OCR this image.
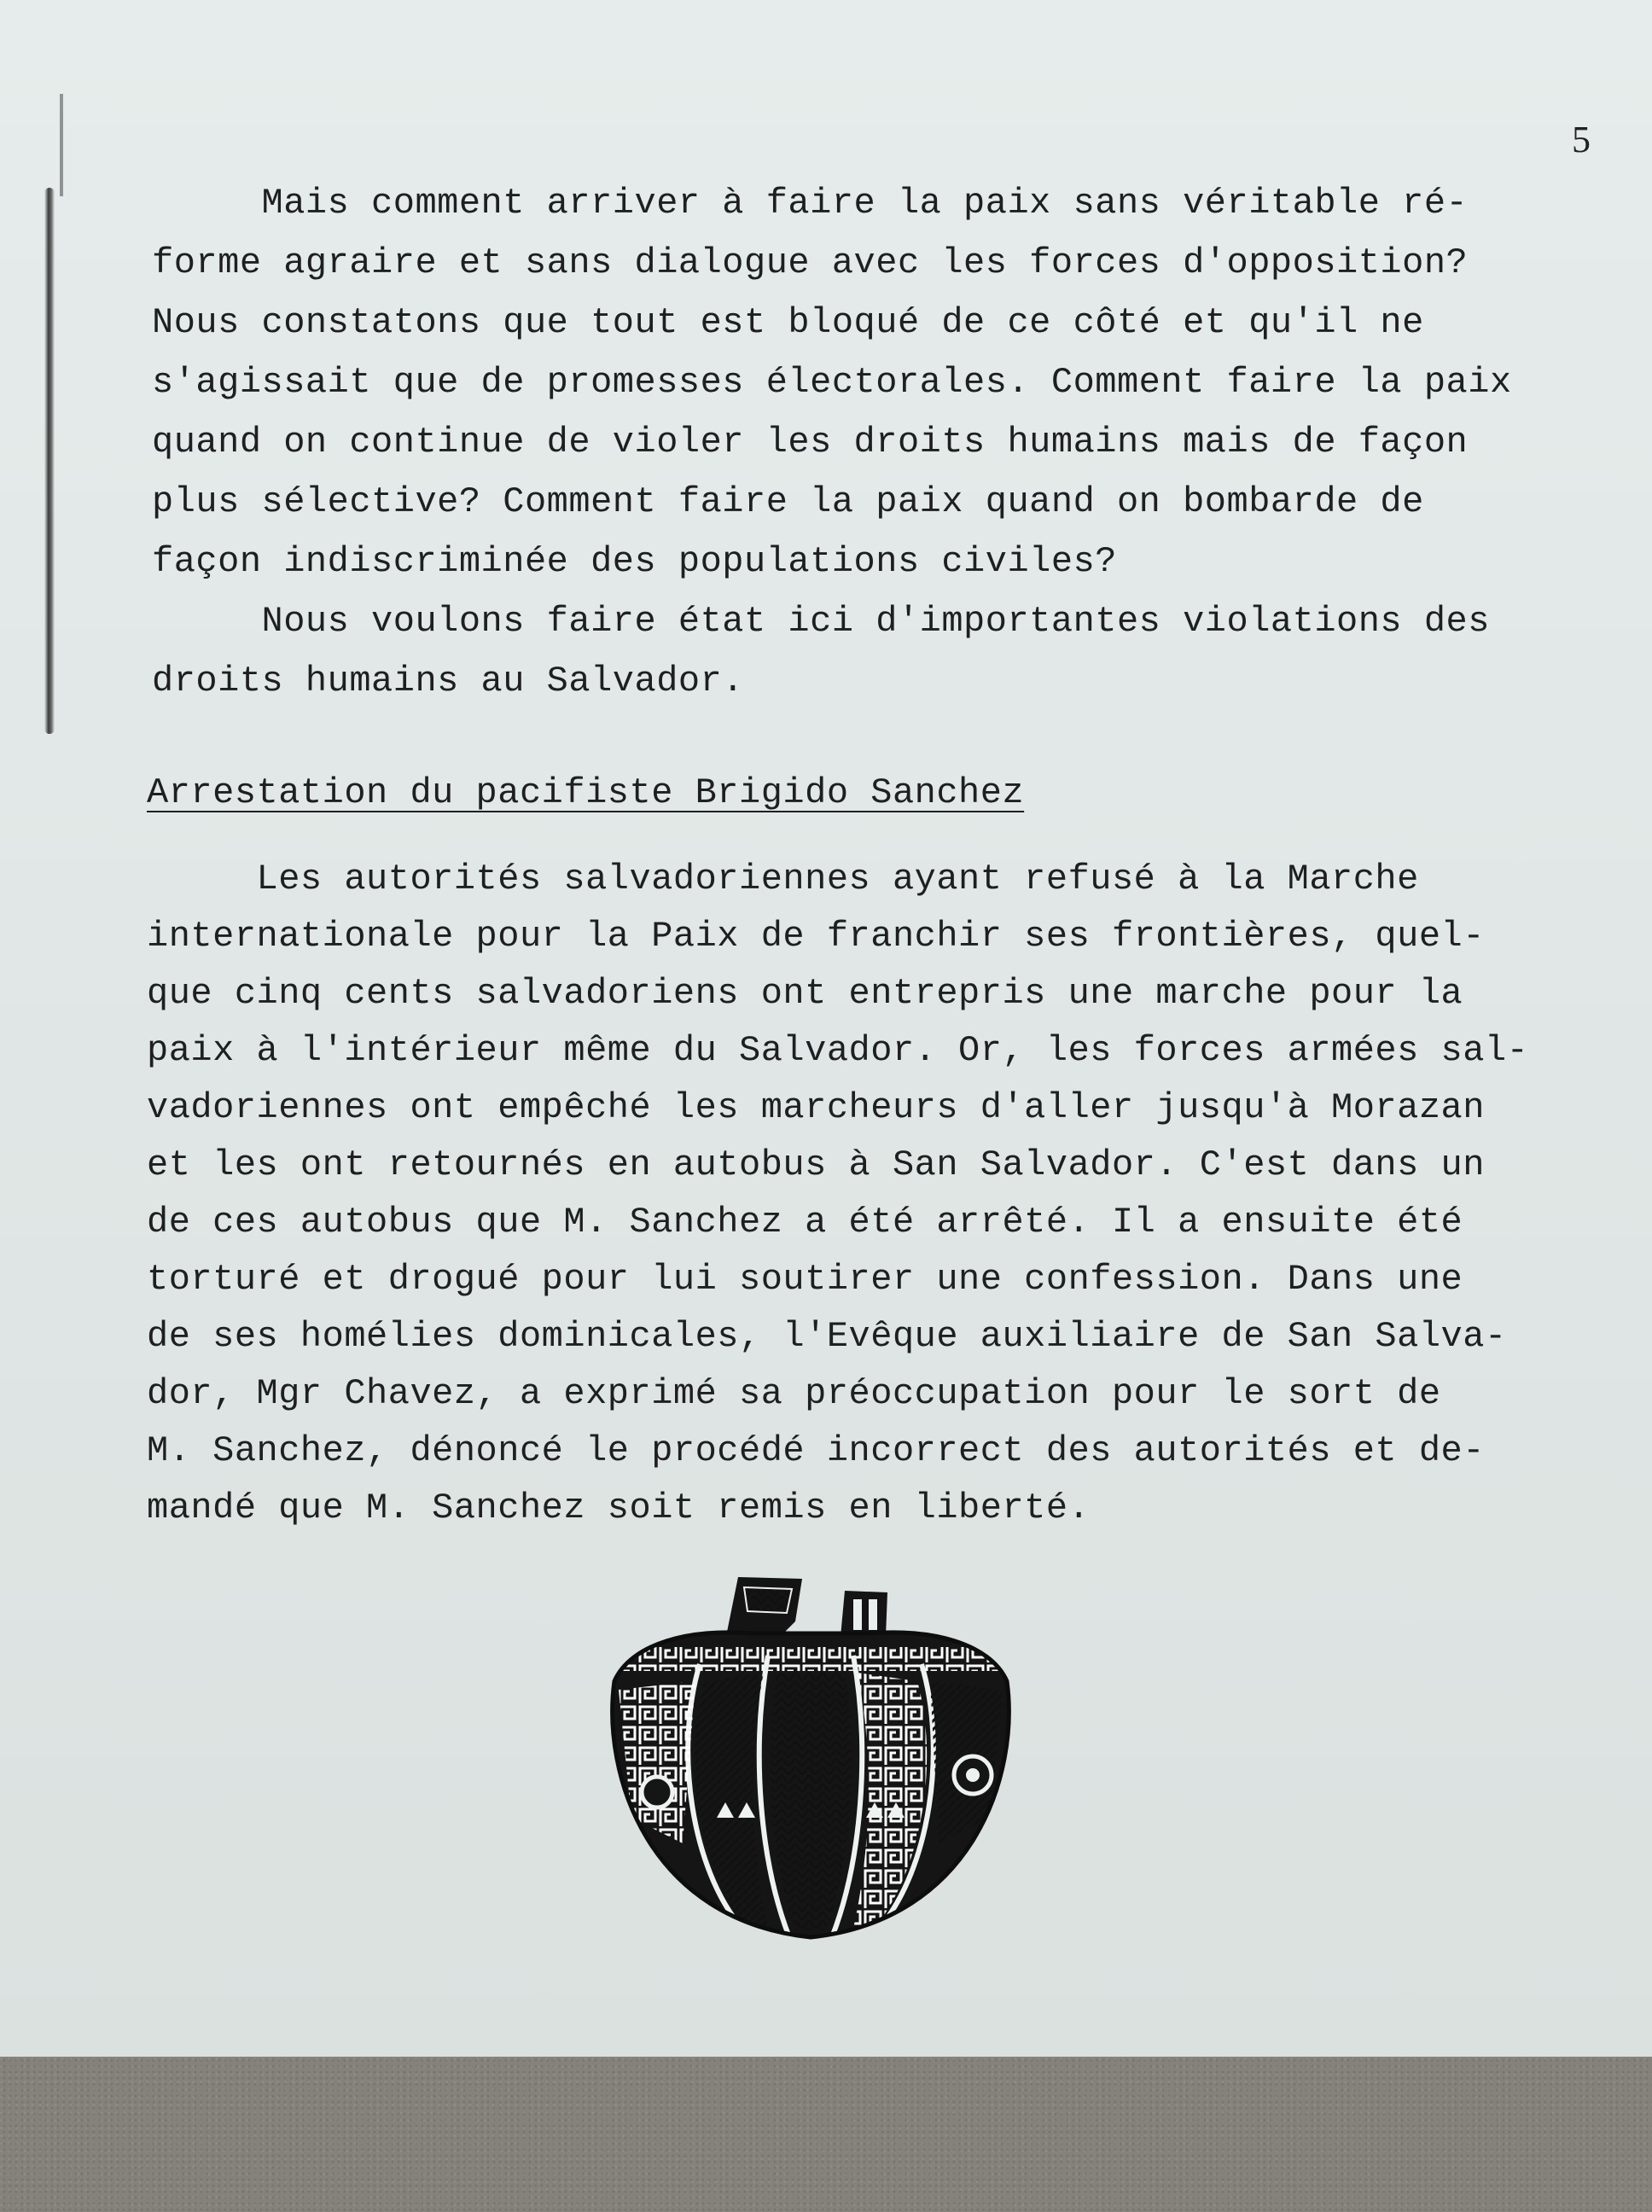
5
Mais comment arriver à faire la paix sans véritable ré-
forme agraire et sans dialogue avec les forces d'opposition?
Nous constatons que tout est bloqué de ce côté et qu'il ne
s'agissait que de promesses électorales. Comment faire la paix
quand on continue de violer les droits humains mais de façon
plus sélective? Comment faire la paix quand on bombarde de
façon indiscriminée des populations civiles?
Nous voulons faire état ici d'importantes violations des
droits humains au Salvador.
Arrestation du pacifiste Brigido Sanchez
Les autorités salvadoriennes ayant refusé à la Marche
internationale pour la Paix de franchir ses frontières, quel-
que cinq cents salvadoriens ont entrepris une marche pour la
paix à l'intérieur même du Salvador. Or, les forces armées sal-
vadoriennes ont empêché les marcheurs d'aller jusqu'à Morazan
et les ont retournés en autobus à San Salvador. C'est dans un
de ces autobus que M. Sanchez a été arrêté. Il a ensuite été
torturé et drogué pour lui soutirer une confession. Dans une
de ses homélies dominicales, l'Evêque auxiliaire de San Salva-
dor, Mgr Chavez, a exprimé sa préoccupation pour le sort de
M. Sanchez, dénoncé le procédé incorrect des autorités et de-
mandé que M. Sanchez soit remis en liberté.
